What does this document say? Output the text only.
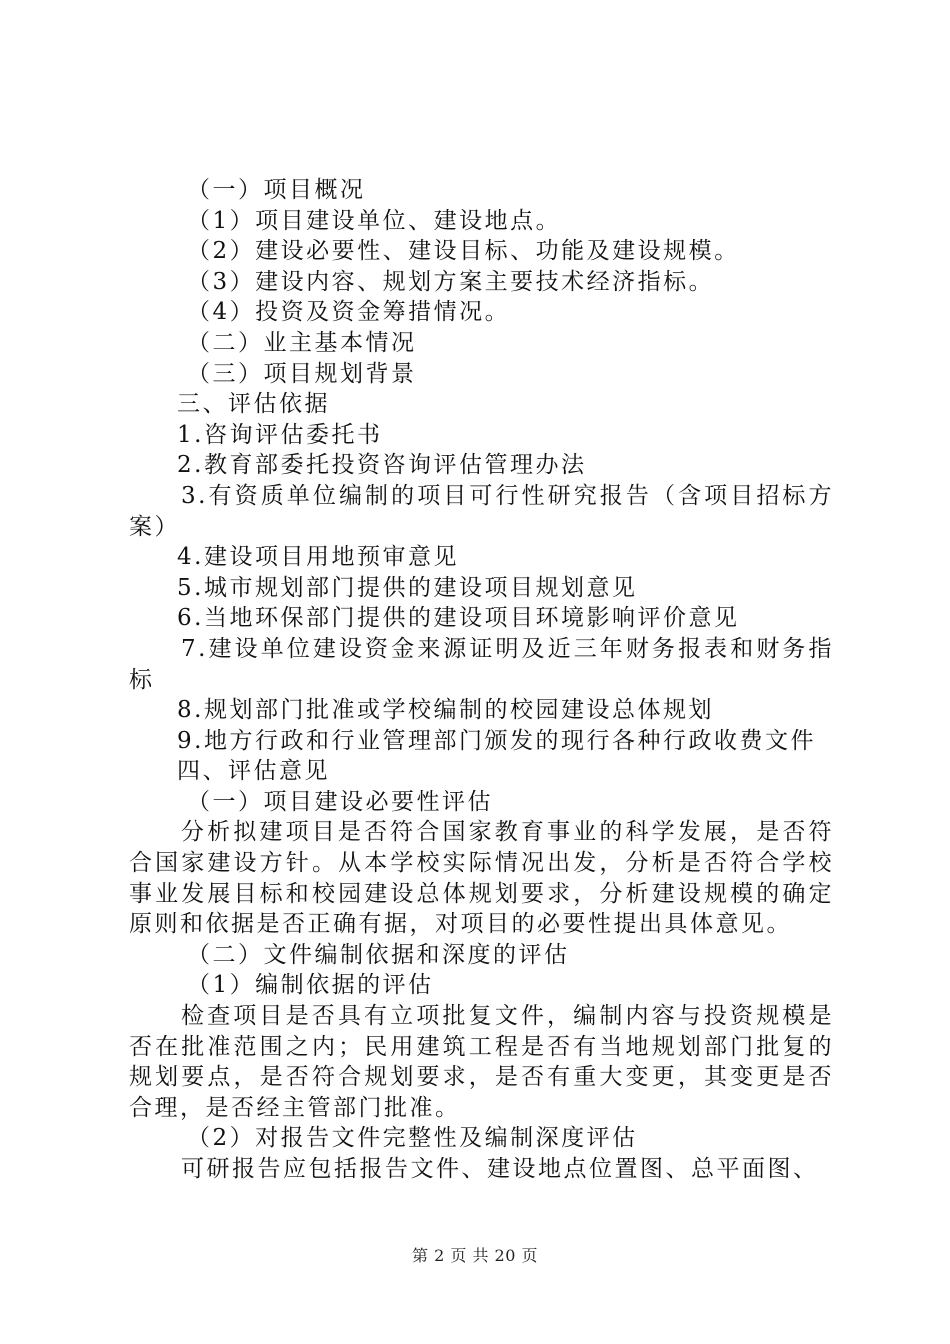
（一）项目概况
（1）项目建设单位、建设地点。
（2）建设必要性、建设目标、功能及建设规模。
（3）建设内容、规划方案主要技术经济指标。
（4）投资及资金筹措情况。
（二）业主基本情况
（三）项目规划背景
三、评估依据
1.咨询评估委托书
2.教育部委托投资咨询评估管理办法
3.有资质单位编制的项目可行性研究报告（含项目招标方案）
4.建设项目用地预审意见
5.城市规划部门提供的建设项目规划意见
6.当地环保部门提供的建设项目环境影响评价意见
7.建设单位建设资金来源证明及近三年财务报表和财务指标
8.规划部门批准或学校编制的校园建设总体规划
9.地方行政和行业管理部门颁发的现行各种行政收费文件
四、评估意见
（一）项目建设必要性评估
分析拟建项目是否符合国家教育事业的科学发展，是否符合国家建设方针。从本学校实际情况出发，分析是否符合学校事业发展目标和校园建设总体规划要求，分析建设规模的确定原则和依据是否正确有据，对项目的必要性提出具体意见。
（二）文件编制依据和深度的评估
（1）编制依据的评估
检查项目是否具有立项批复文件，编制内容与投资规模是否在批准范围之内；民用建筑工程是否有当地规划部门批复的规划要点，是否符合规划要求，是否有重大变更，其变更是否合理，是否经主管部门批准。
（2）对报告文件完整性及编制深度评估
可研报告应包括报告文件、建设地点位置图、总平面图、
第 2 页 共 20 页
